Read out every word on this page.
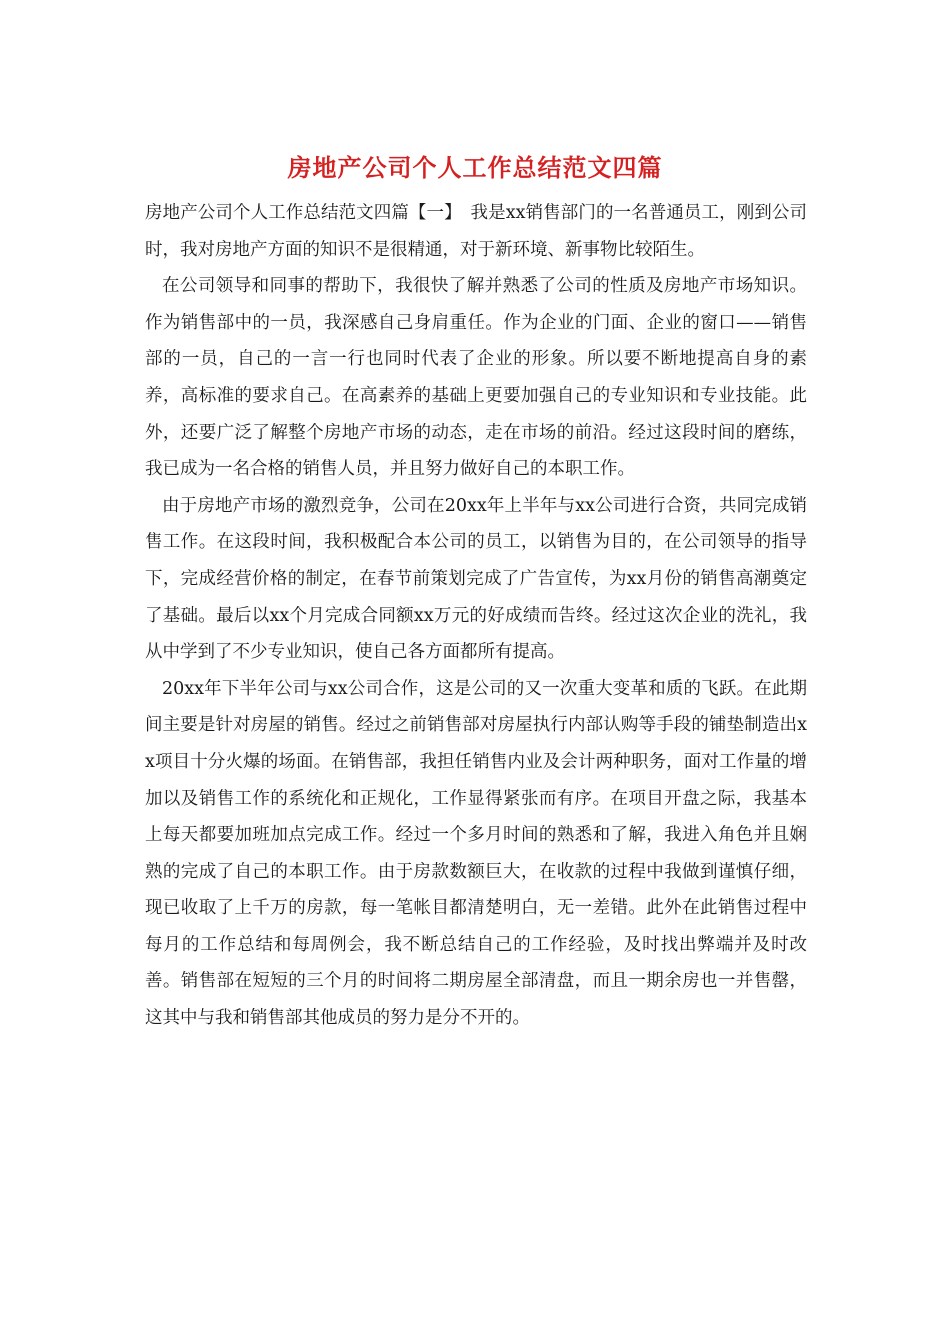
房地产公司个人工作总结范文四篇

房地产公司个人工作总结范文四篇【一】　我是xx销售部门的一名普通员工，刚到公司时，我对房地产方面的知识不是很精通，对于新环境、新事物比较陌生。

在公司领导和同事的帮助下，我很快了解并熟悉了公司的性质及房地产市场知识。作为销售部中的一员，我深感自己身肩重任。作为企业的门面、企业的窗口——销售部的一员，自己的一言一行也同时代表了企业的形象。所以要不断地提高自身的素养，高标准的要求自己。在高素养的基础上更要加强自己的专业知识和专业技能。此外，还要广泛了解整个房地产市场的动态，走在市场的前沿。经过这段时间的磨练，我已成为一名合格的销售人员，并且努力做好自己的本职工作。

由于房地产市场的激烈竞争，公司在20xx年上半年与xx公司进行合资，共同完成销售工作。在这段时间，我积极配合本公司的员工，以销售为目的，在公司领导的指导下，完成经营价格的制定，在春节前策划完成了广告宣传，为xx月份的销售高潮奠定了基础。最后以xx个月完成合同额xx万元的好成绩而告终。经过这次企业的洗礼，我从中学到了不少专业知识，使自己各方面都所有提高。

20xx年下半年公司与xx公司合作，这是公司的又一次重大变革和质的飞跃。在此期间主要是针对房屋的销售。经过之前销售部对房屋执行内部认购等手段的铺垫制造出xx项目十分火爆的场面。在销售部，我担任销售内业及会计两种职务，面对工作量的增加以及销售工作的系统化和正规化，工作显得紧张而有序。在项目开盘之际，我基本上每天都要加班加点完成工作。经过一个多月时间的熟悉和了解，我进入角色并且娴熟的完成了自己的本职工作。由于房款数额巨大，在收款的过程中我做到谨慎仔细，现已收取了上千万的房款，每一笔帐目都清楚明白，无一差错。此外在此销售过程中每月的工作总结和每周例会，我不断总结自己的工作经验，及时找出弊端并及时改善。销售部在短短的三个月的时间将二期房屋全部清盘，而且一期余房也一并售罄，这其中与我和销售部其他成员的努力是分不开的。
